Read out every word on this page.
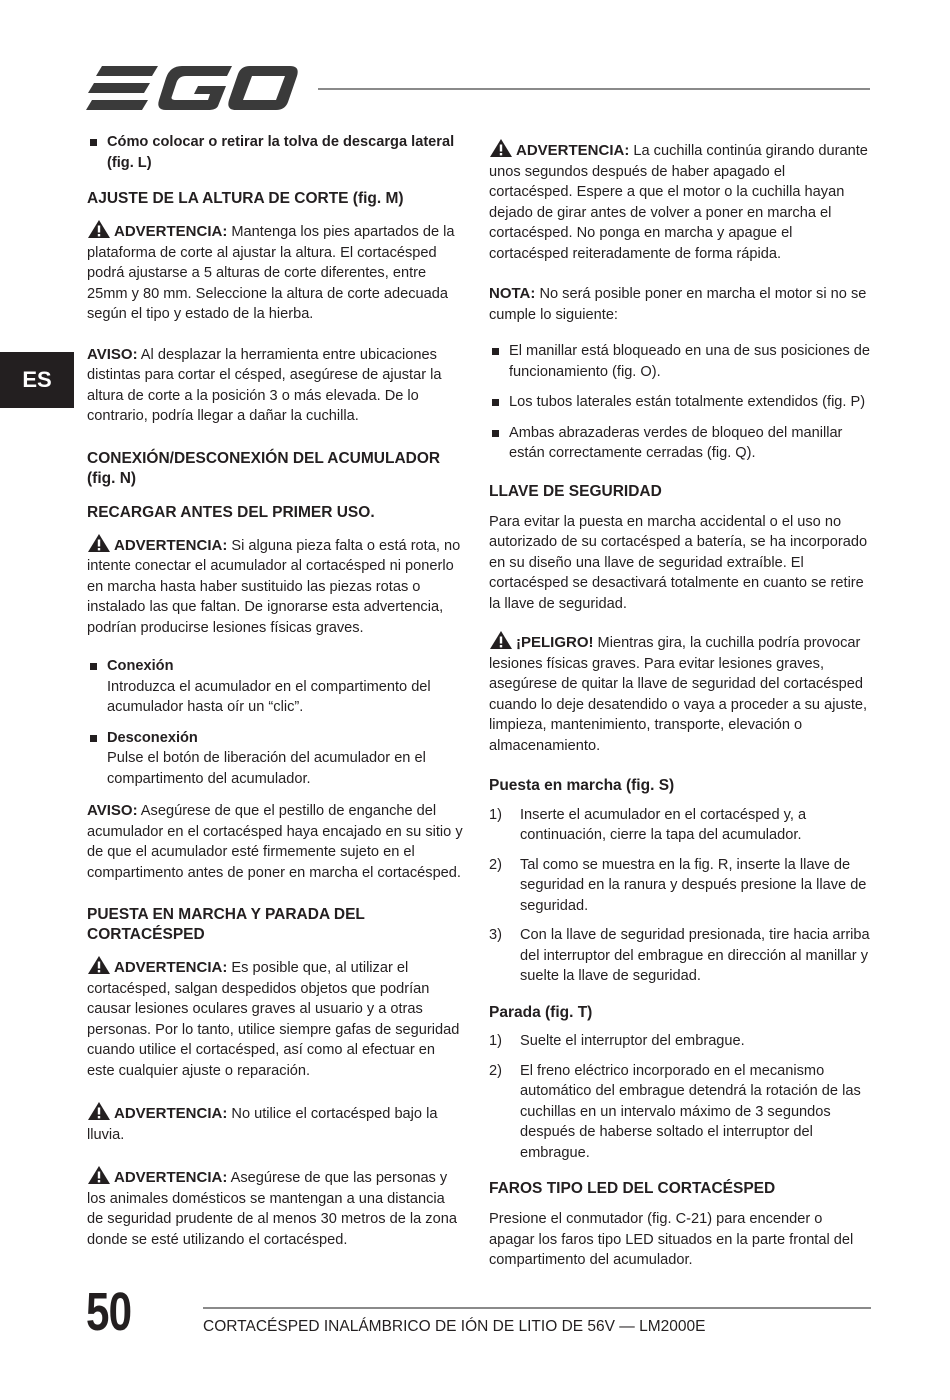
ES
Cómo colocar o retirar la tolva de descarga lateral (fig. L)
AJUSTE DE LA ALTURA DE CORTE (fig. M)

ADVERTENCIA: Mantenga los pies apartados de la plataforma de corte al ajustar la altura. El cortacésped podrá ajustarse a 5 alturas de corte diferentes, entre 25mm y 80 mm. Seleccione la altura de corte adecuada según el tipo y estado de la hierba.

AVISO: Al desplazar la herramienta entre ubicaciones distintas para cortar el césped, asegúrese de ajustar la altura de corte a la posición 3 o más elevada. De lo contrario, podría llegar a dañar la cuchilla.

CONEXIÓN/DESCONEXIÓN DEL ACUMULADOR (fig. N)
RECARGAR ANTES DEL PRIMER USO.

ADVERTENCIA: Si alguna pieza falta o está rota, no intente conectar el acumulador al cortacésped ni ponerlo en marcha hasta haber sustituido las piezas rotas o instalado las que faltan. De ignorarse esta advertencia, podrían producirse lesiones físicas graves.

Conexión
Introduzca el acumulador en el compartimento del acumulador hasta oír un “clic”.
Desconexión
Pulse el botón de liberación del acumulador en el compartimento del acumulador.

AVISO: Asegúrese de que el pestillo de enganche del acumulador en el cortacésped haya encajado en su sitio y de que el acumulador esté firmemente sujeto en el compartimento antes de poner en marcha el cortacésped.

PUESTA EN MARCHA Y PARADA DEL CORTACÉSPED

ADVERTENCIA: Es posible que, al utilizar el cortacésped, salgan despedidos objetos que podrían causar lesiones oculares graves al usuario y a otras personas. Por lo tanto, utilice siempre gafas de seguridad cuando utilice el cortacésped, así como al efectuar en este cualquier ajuste o reparación.

ADVERTENCIA: No utilice el cortacésped bajo la lluvia.

ADVERTENCIA: Asegúrese de que las personas y los animales domésticos se mantengan a una distancia de seguridad prudente de al menos 30 metros de la zona donde se esté utilizando el cortacésped.

ADVERTENCIA: La cuchilla continúa girando durante unos segundos después de haber apagado el cortacésped. Espere a que el motor o la cuchilla hayan dejado de girar antes de volver a poner en marcha el cortacésped. No ponga en marcha y apague el cortacésped reiteradamente de forma rápida.

NOTA: No será posible poner en marcha el motor si no se cumple lo siguiente:

El manillar está bloqueado en una de sus posiciones de funcionamiento (fig. O).
Los tubos laterales están totalmente extendidos (fig. P)
Ambas abrazaderas verdes de bloqueo del manillar están correctamente cerradas (fig. Q).
LLAVE DE SEGURIDAD

Para evitar la puesta en marcha accidental o el uso no autorizado de su cortacésped a batería, se ha incorporado en su diseño una llave de seguridad extraíble. El cortacésped se desactivará totalmente en cuanto se retire la llave de seguridad.

¡PELIGRO! Mientras gira, la cuchilla podría provocar lesiones físicas graves. Para evitar lesiones graves, asegúrese de quitar la llave de seguridad del cortacésped cuando lo deje desatendido o vaya a proceder a su ajuste, limpieza, mantenimiento, transporte, elevación o almacenamiento.

Puesta en marcha (fig. S)
1) Inserte el acumulador en el cortacésped y, a continuación, cierre la tapa del acumulador.
2) Tal como se muestra en la fig. R, inserte la llave de seguridad en la ranura y después presione la llave de seguridad.
3) Con la llave de seguridad presionada, tire hacia arriba del interruptor del embrague en dirección al manillar y suelte la llave de seguridad.
Parada (fig. T)
1) Suelte el interruptor del embrague.
2) El freno eléctrico incorporado en el mecanismo automático del embrague detendrá la rotación de las cuchillas en un intervalo máximo de 3 segundos después de haberse soltado el interruptor del embrague.
FAROS TIPO LED DEL CORTACÉSPED

Presione el conmutador (fig. C-21) para encender o apagar los faros tipo LED situados en la parte frontal del compartimento del acumulador.

50	CORTACÉSPED INALÁMBRICO DE IÓN DE LITIO DE 56V — LM2000E
